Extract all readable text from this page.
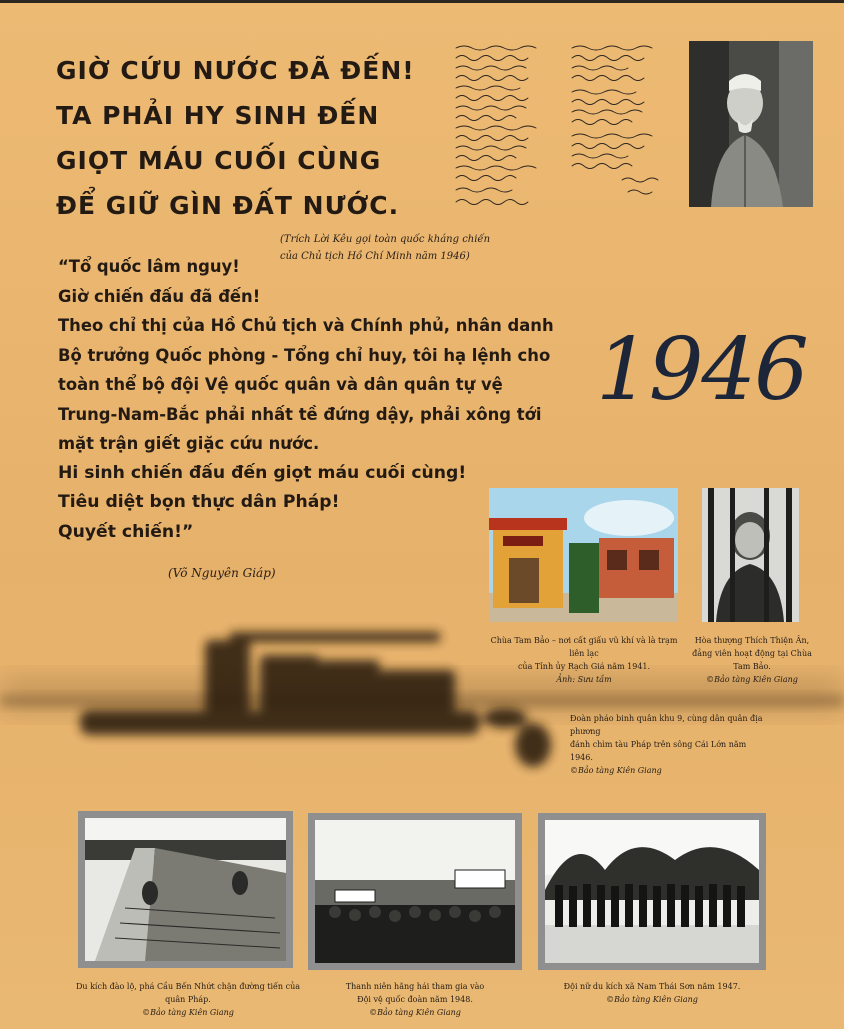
GIỜ CỨU NƯỚC ĐÃ ĐẾN!
TA PHẢI HY SINH ĐẾN
GIỌT MÁU CUỐI CÙNG
ĐỂ GIỮ GÌN ĐẤT NƯỚC.
(Trích Lời Kêu gọi toàn quốc kháng chiến
của Chủ tịch Hồ Chí Minh năm 1946)
“Tổ quốc lâm nguy!
Giờ chiến đấu đã đến!
Theo chỉ thị của Hồ Chủ tịch và Chính phủ, nhân danh
Bộ trưởng Quốc phòng - Tổng chỉ huy, tôi hạ lệnh cho
toàn thể bộ đội Vệ quốc quân và dân quân tự vệ
Trung-Nam-Bắc phải nhất tề đứng dậy, phải xông tới
mặt trận giết giặc cứu nước.
Hi sinh chiến đấu đến giọt máu cuối cùng!
Tiêu diệt bọn thực dân Pháp!
Quyết chiến!”
1946
(Võ Nguyên Giáp)
Chùa Tam Bảo – nơi cất giấu vũ khí và là trạm liên lạc
của Tỉnh ủy Rạch Giá năm 1941.
Ảnh: Sưu tầm
Hòa thượng Thích Thiện Ân,
đảng viên hoạt động tại Chùa Tam Bảo.
©Bảo tàng Kiên Giang
Đoàn pháo binh quân khu 9, cùng dân quân địa phương
đánh chìm tàu Pháp trên sông Cái Lớn năm 1946.
©Bảo tàng Kiên Giang
Du kích đào lộ, phá Cầu Bến Nhứt chặn đường tiến của quân Pháp.
©Bảo tàng Kiên Giang
Thanh niên hăng hái tham gia vào
Đội vệ quốc đoàn năm 1948.
©Bảo tàng Kiên Giang
Đội nữ du kích xã Nam Thái Sơn năm 1947.
©Bảo tàng Kiên Giang
